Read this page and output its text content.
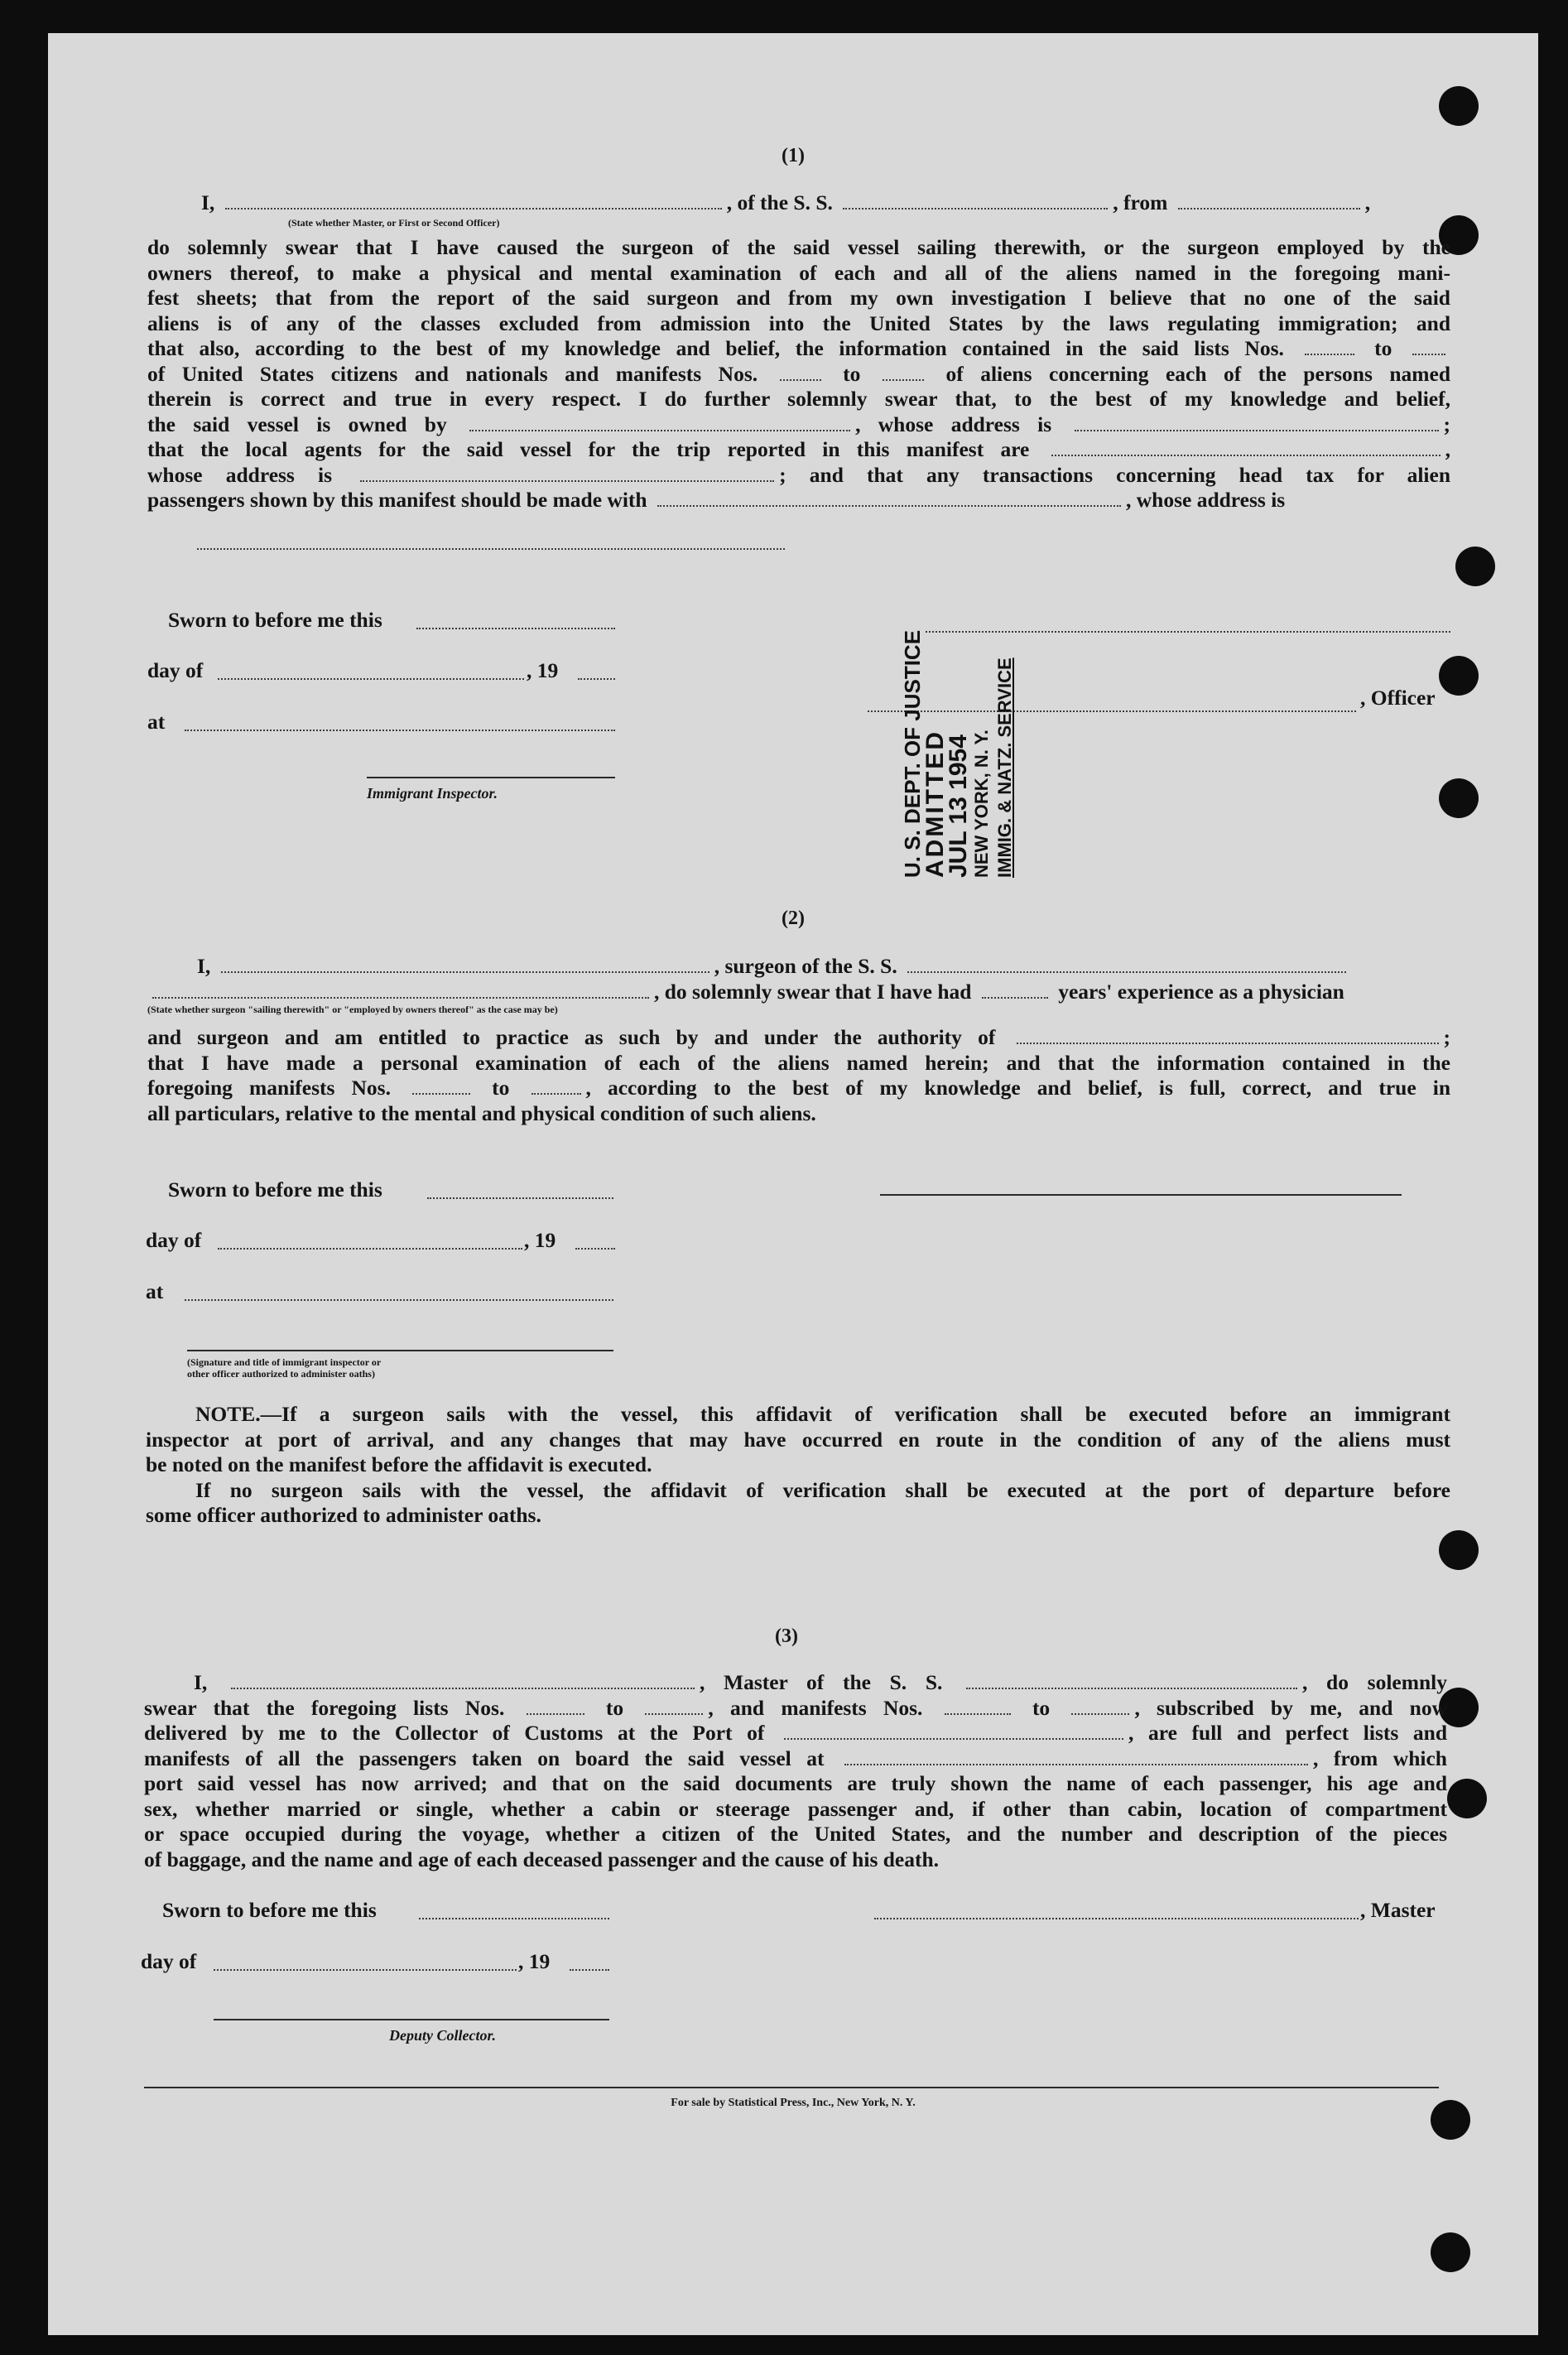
(1)
I,	, of the S. S.	, from	,
(State whether Master, or First or Second Officer)
do solemnly swear that I have caused the surgeon of the said vessel sailing therewith, or the surgeon employed by the
owners thereof, to make a physical and mental examination of each and all of the aliens named in the foregoing mani-
fest sheets; that from the report of the said surgeon and from my own investigation I believe that no one of the said
aliens is of any of the classes excluded from admission into the United States by the laws regulating immigration; and
that also, according to the best of my knowledge and belief, the information contained in the said lists Nos.	to
of United States citizens and nationals and manifests Nos.	to	of aliens concerning each of the persons named
therein is correct and true in every respect. I do further solemnly swear that, to the best of my knowledge and belief,
the said vessel is owned by	, whose address is	;
that the local agents for the said vessel for the trip reported in this manifest are	,
whose address is	; and that any transactions concerning head tax for alien
passengers shown by this manifest should be made with	, whose address is
Sworn to before me this
day of	, 19
at
Immigrant Inspector.
, Officer
U. S. DEPT. OF JUSTICE
ADMITTED
JUL 13 1954 NEW YORK, N. Y. IMMIG. & NATZ. SERVICE
(2)
I,	, surgeon of the S. S.
, do solemnly swear that I have had	years' experience as a physician
(State whether surgeon "sailing therewith" or "employed by owners thereof" as the case may be)
and surgeon and am entitled to practice as such by and under the authority of	;
that I have made a personal examination of each of the aliens named herein; and that the information contained in the
foregoing manifests Nos.	to	, according to the best of my knowledge and belief, is full, correct, and true in
all particulars, relative to the mental and physical condition of such aliens.
Sworn to before me this
day of	, 19
at
(Signature and title of immigrant inspector or
other officer authorized to administer oaths)
NOTE.—If a surgeon sails with the vessel, this affidavit of verification shall be executed before an immigrant
inspector at port of arrival, and any changes that may have occurred en route in the condition of any of the aliens must
be noted on the manifest before the affidavit is executed.
If no surgeon sails with the vessel, the affidavit of verification shall be executed at the port of departure before
some officer authorized to administer oaths.
(3)
I,	, Master of the S. S.	, do solemnly
swear that the foregoing lists Nos.	to	, and manifests Nos.	to	, subscribed by me, and now
delivered by me to the Collector of Customs at the Port of	, are full and perfect lists and
manifests of all the passengers taken on board the said vessel at	, from which
port said vessel has now arrived; and that on the said documents are truly shown the name of each passenger, his age and
sex, whether married or single, whether a cabin or steerage passenger and, if other than cabin, location of compartment
or space occupied during the voyage, whether a citizen of the United States, and the number and description of the pieces
of baggage, and the name and age of each deceased passenger and the cause of his death.
Sworn to before me this	, Master
day of	, 19
Deputy Collector.
For sale by Statistical Press, Inc., New York, N. Y.
